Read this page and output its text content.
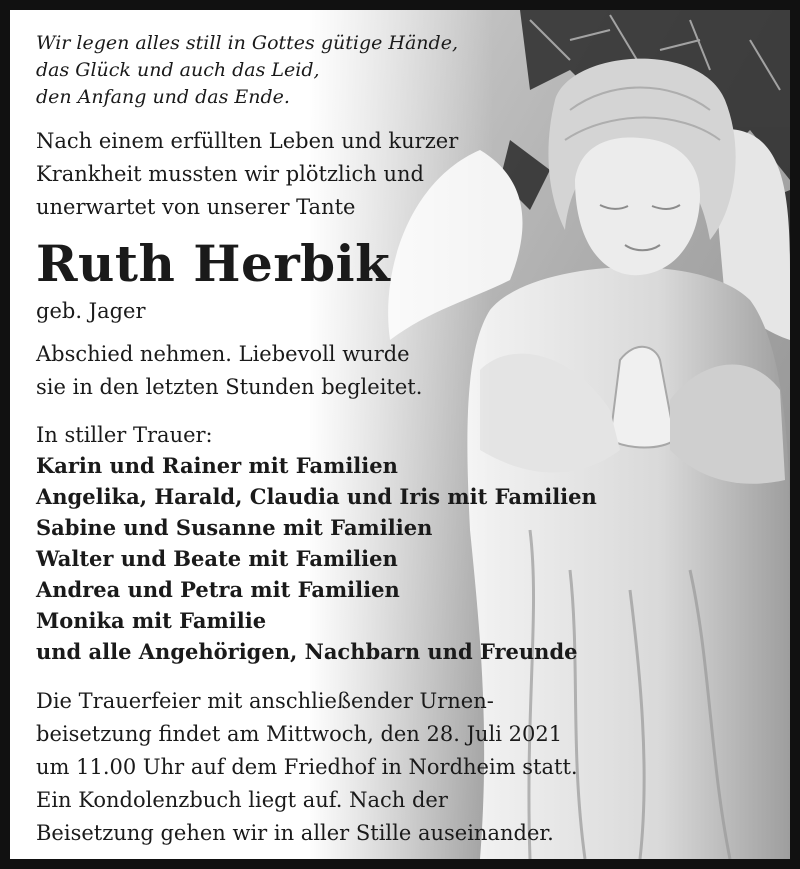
Wir legen alles still in Gottes gütige Hände,
das Glück und auch das Leid,
den Anfang und das Ende.
Nach einem erfüllten Leben und kurzer
Krankheit mussten wir plötzlich und
unerwartet von unserer Tante
Ruth Herbik
geb. Jager
Abschied nehmen. Liebevoll wurde
sie in den letzten Stunden begleitet.
In stiller Trauer:
Karin und Rainer mit Familien
Angelika, Harald, Claudia und Iris mit Familien
Sabine und Susanne mit Familien
Walter und Beate mit Familien
Andrea und Petra mit Familien
Monika mit Familie
und alle Angehörigen, Nachbarn und Freunde
Die Trauerfeier mit anschließender Urnen-
beisetzung findet am Mittwoch, den 28. Juli 2021
um 11.00 Uhr auf dem Friedhof in Nordheim statt.
Ein Kondolenzbuch liegt auf. Nach der
Beisetzung gehen wir in aller Stille auseinander.
